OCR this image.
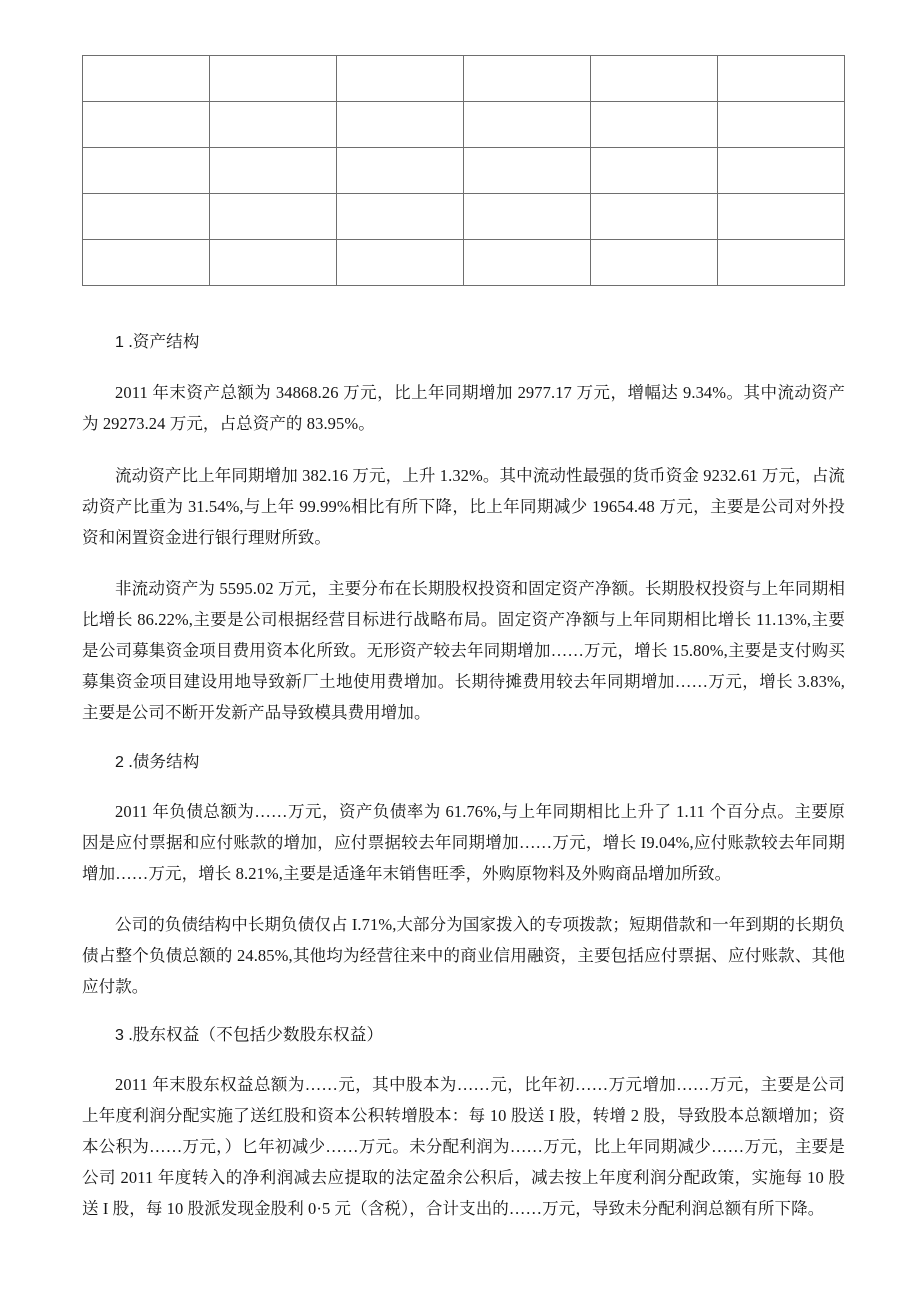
1 .资产结构

2011 年末资产总额为 34868.26 万元，比上年同期增加 2977.17 万元，增幅达 9.34%。其中流动资产为 29273.24 万元，占总资产的 83.95%。

流动资产比上年同期增加 382.16 万元，上升 1.32%。其中流动性最强的货币资金 9232.61 万元，占流动资产比重为 31.54%,与上年 99.99%相比有所下降，比上年同期减少 19654.48 万元，主要是公司对外投资和闲置资金进行银行理财所致。

非流动资产为 5595.02 万元，主要分布在长期股权投资和固定资产净额。长期股权投资与上年同期相比增长 86.22%,主要是公司根据经营目标进行战略布局。固定资产净额与上年同期相比增长 11.13%,主要是公司募集资金项目费用资本化所致。无形资产较去年同期增加……万元，增长 15.80%,主要是支付购买募集资金项目建设用地导致新厂土地使用费增加。长期待摊费用较去年同期增加……万元，增长 3.83%,主要是公司不断开发新产品导致模具费用增加。

2 .债务结构

2011 年负债总额为……万元，资产负债率为 61.76%,与上年同期相比上升了 1.11 个百分点。主要原因是应付票据和应付账款的增加，应付票据较去年同期增加……万元，增长 I9.04%,应付账款较去年同期增加……万元，增长 8.21%,主要是适逢年末销售旺季，外购原物料及外购商品增加所致。

公司的负债结构中长期负债仅占 I.71%,大部分为国家拨入的专项拨款；短期借款和一年到期的长期负债占整个负债总额的 24.85%,其他均为经营往来中的商业信用融资，主要包括应付票据、应付账款、其他应付款。

3 .股东权益（不包括少数股东权益）

2011 年末股东权益总额为……元，其中股本为……元，比年初……万元增加……万元，主要是公司上年度利润分配实施了送红股和资本公积转增股本：每 10 股送 I 股，转增 2 股，导致股本总额增加；资本公积为……万元，）匕年初减少……万元。未分配利润为……万元，比上年同期减少……万元，主要是公司 2011 年度转入的净利润减去应提取的法定盈余公积后，减去按上年度利润分配政策，实施每 10 股送 I 股，每 10 股派发现金股利 0·5 元（含税），合计支出的……万元，导致未分配利润总额有所下降。
